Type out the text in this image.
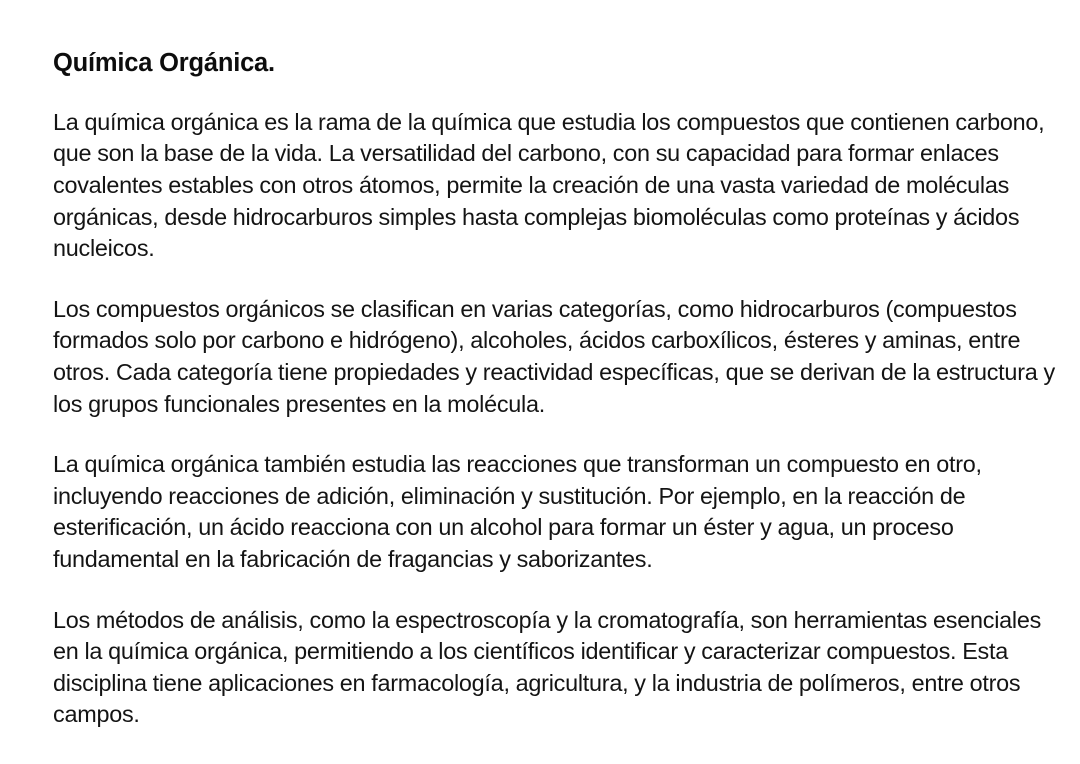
Química Orgánica.

La química orgánica es la rama de la química que estudia los compuestos que contienen carbono, que son la base de la vida. La versatilidad del carbono, con su capacidad para formar enlaces covalentes estables con otros átomos, permite la creación de una vasta variedad de moléculas orgánicas, desde hidrocarburos simples hasta complejas biomoléculas como proteínas y ácidos nucleicos.

Los compuestos orgánicos se clasifican en varias categorías, como hidrocarburos (compuestos formados solo por carbono e hidrógeno), alcoholes, ácidos carboxílicos, ésteres y aminas, entre otros. Cada categoría tiene propiedades y reactividad específicas, que se derivan de la estructura y los grupos funcionales presentes en la molécula.

La química orgánica también estudia las reacciones que transforman un compuesto en otro, incluyendo reacciones de adición, eliminación y sustitución. Por ejemplo, en la reacción de esterificación, un ácido reacciona con un alcohol para formar un éster y agua, un proceso fundamental en la fabricación de fragancias y saborizantes.

Los métodos de análisis, como la espectroscopía y la cromatografía, son herramientas esenciales en la química orgánica, permitiendo a los científicos identificar y caracterizar compuestos. Esta disciplina tiene aplicaciones en farmacología, agricultura, y la industria de polímeros, entre otros campos.
